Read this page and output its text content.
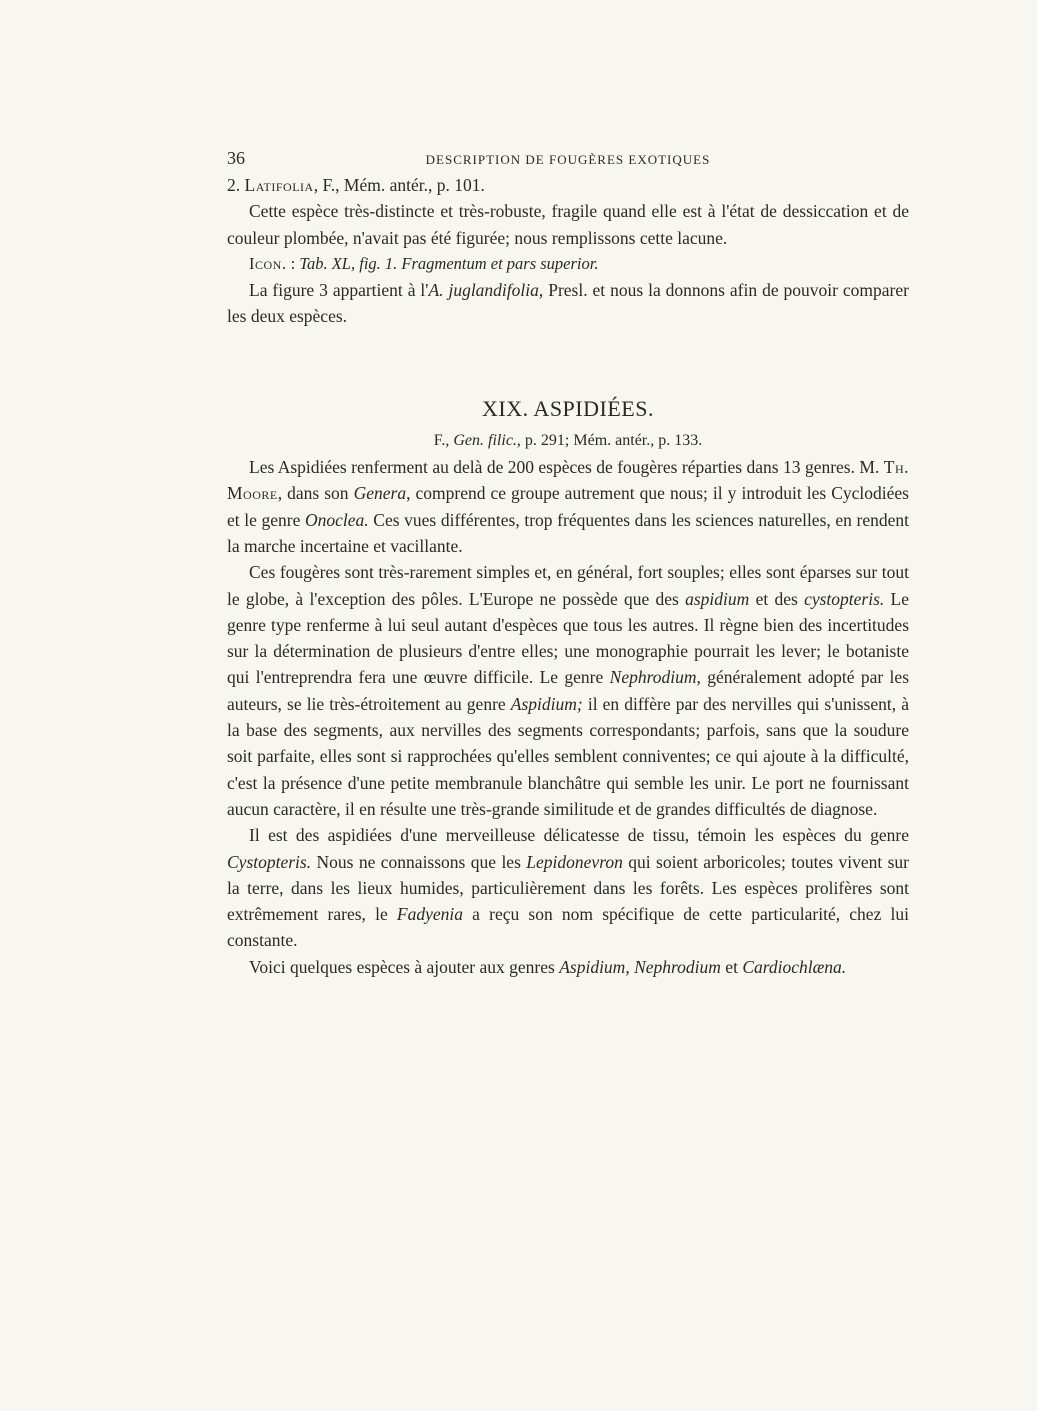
36	DESCRIPTION DE FOUGÈRES EXOTIQUES

2. Latifolia, F., Mém. antér., p. 101.

Cette espèce très-distincte et très-robuste, fragile quand elle est à l'état de dessiccation et de couleur plombée, n'avait pas été figurée; nous remplissons cette lacune.

Icon. : Tab. XL, fig. 1. Fragmentum et pars superior.

La figure 3 appartient à l'A. juglandifolia, Presl. et nous la donnons afin de pouvoir comparer les deux espèces.

XIX. ASPIDIÉES.

F., Gen. filic., p. 291; Mém. antér., p. 133.

Les Aspidiées renferment au delà de 200 espèces de fougères réparties dans 13 genres. M. Th. Moore, dans son Genera, comprend ce groupe autrement que nous; il y introduit les Cyclodiées et le genre Onoclea. Ces vues différentes, trop fréquentes dans les sciences naturelles, en rendent la marche incertaine et vacillante.

Ces fougères sont très-rarement simples et, en général, fort souples; elles sont éparses sur tout le globe, à l'exception des pôles. L'Europe ne possède que des aspidium et des cystopteris. Le genre type renferme à lui seul autant d'espèces que tous les autres. Il règne bien des incertitudes sur la détermination de plusieurs d'entre elles; une monographie pourrait les lever; le botaniste qui l'entreprendra fera une œuvre difficile. Le genre Nephrodium, généralement adopté par les auteurs, se lie très-étroitement au genre Aspidium; il en diffère par des nervilles qui s'unissent, à la base des segments, aux nervilles des segments correspondants; parfois, sans que la soudure soit parfaite, elles sont si rapprochées qu'elles semblent conniventes; ce qui ajoute à la difficulté, c'est la présence d'une petite membranule blanchâtre qui semble les unir. Le port ne fournissant aucun caractère, il en résulte une très-grande similitude et de grandes difficultés de diagnose.

Il est des aspidiées d'une merveilleuse délicatesse de tissu, témoin les espèces du genre Cystopteris. Nous ne connaissons que les Lepidonevron qui soient arboricoles; toutes vivent sur la terre, dans les lieux humides, particulièrement dans les forêts. Les espèces prolifères sont extrêmement rares, le Fadyenia a reçu son nom spécifique de cette particularité, chez lui constante.

Voici quelques espèces à ajouter aux genres Aspidium, Nephrodium et Cardiochlæna.
